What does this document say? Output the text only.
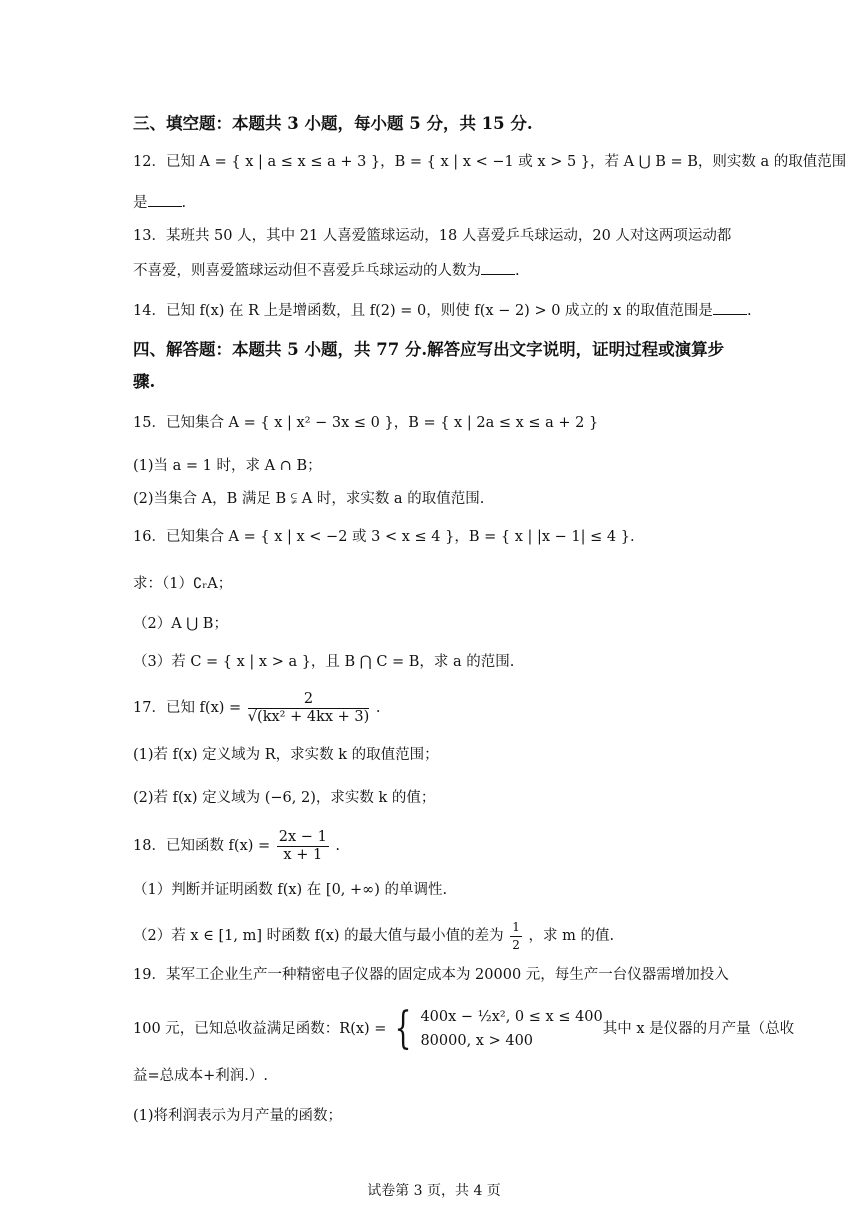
三、填空题：本题共 3 小题，每小题 5 分，共 15 分.
12．已知 A = { x | a ≤ x ≤ a + 3 }，B = { x | x < −1 或 x > 5 }，若 A ⋃ B = B，则实数 a 的取值范围
是 .
13．某班共 50 人，其中 21 人喜爱篮球运动，18 人喜爱乒乓球运动，20 人对这两项运动都
不喜爱，则喜爱篮球运动但不喜爱乒乓球运动的人数为 .
14．已知 f(x) 在 R 上是增函数，且 f(2) = 0，则使 f(x − 2) > 0 成立的 x 的取值范围是 .
四、解答题：本题共 5 小题，共 77 分.解答应写出文字说明，证明过程或演算步
骤.
15．已知集合 A = { x | x² − 3x ≤ 0 }，B = { x | 2a ≤ x ≤ a + 2 }
(1)当 a = 1 时，求 A ∩ B；
(2)当集合 A，B 满足 B ⫋ A 时，求实数 a 的取值范围.
16．已知集合 A = { x | x < −2 或 3 < x ≤ 4 }，B = { x | |x − 1| ≤ 4 }.
求：（1）∁ᵣA；
（2）A ⋃ B；
（3）若 C = { x | x > a }，且 B ⋂ C = B，求 a 的范围.
17．已知 $f(x) = \frac{2}{\text{√(kx² + 4kx + 3)}}$ .
(1)若 f(x) 定义域为 R，求实数 k 的取值范围；
(2)若 f(x) 定义域为 (−6, 2)，求实数 k 的值；
18．已知函数 $f(x) = \frac{2x - 1}{x + 1}$ .
（1）判断并证明函数 f(x) 在 [0, +∞) 的单调性.
（2）若 x ∈ [1, m] 时函数 f(x) 的最大值与最小值的差为 $\frac{1}{2}$ ，求 m 的值.
19．某军工企业生产一种精密电子仪器的固定成本为 20000 元，每生产一台仪器需增加投入
100 元，已知总收益满足函数：R(x) = { 400x − ½x², 0 ≤ x ≤ 400
80000, x > 400
其中 x 是仪器的月产量（总收
益=总成本+利润.）.
(1)将利润表示为月产量的函数；
试卷第 3 页，共 4 页
